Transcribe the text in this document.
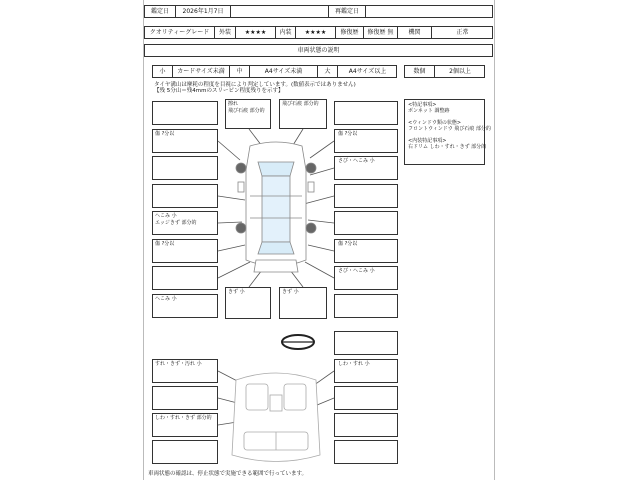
鑑定日	2026年1月7日	再鑑定日
クオリティーグレード	外装	★★★★	内装	★★★★	修復歴	修復歴 無	機関	正常
車両状態の説明
小	カードサイズ未満	中	A4サイズ未満	大	A4サイズ以上	数個	2個以上
タイヤ溝山は摩耗の程度を目視により判定しています。(数値表示ではありません)
【残 5分山＝残4mmのスリーピン程度残りを示す】
<特記事項>
ボンネット 調整跡
<ウィンドウ類の状態>
フロントウィンドウ 飛び石痕 部分的
<内装特記事項>
右ドリム しわ・すれ・きず 部分的
傷 ?分以
へこみ 小
エッジきず 部分的
傷 ?分以
へこみ 小
傷 ?分以
さび・へこみ 小
傷 ?分以
さび・へこみ 小
擦れ
飛び石痕 部分的
飛び石痕 部分的
きず 小	きず 小
すれ・きず・汚れ 小
しわ・すれ・きず 部分的
しわ・すれ 小
車両状態の確認は、停止状態で実施できる範囲で行っています。
